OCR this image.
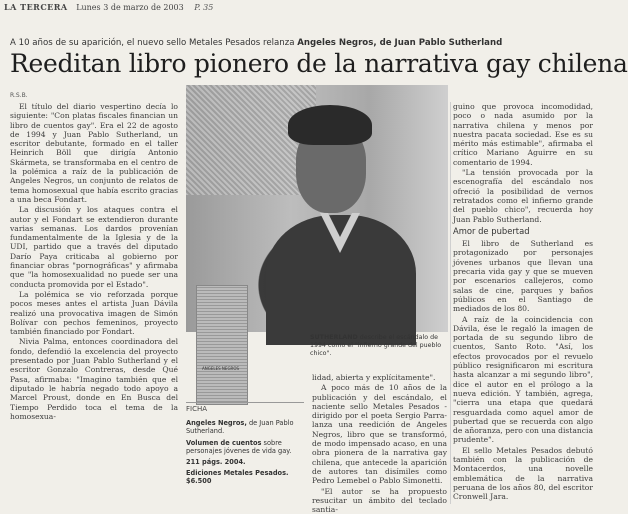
LA TERCERA Lunes 3 de marzo de 2003 P. 35
A 10 años de su aparición, el nuevo sello Metales Pesados relanza Angeles Negros, de Juan Pablo Sutherland
Reeditan libro pionero de la narrativa gay chilena
R.S.B.

El título del diario vespertino decía lo siguiente: "Con platas fiscales financian un libro de cuentos gay". Era el 22 de agosto de 1994 y Juan Pablo Sutherland, un escritor debutante, formado en el taller Heinrich Böll que dirigía Antonio Skármeta, se transformaba en el centro de la polémica a raíz de la publicación de Angeles Negros, un conjunto de relatos de tema homosexual que había escrito gracias a una beca Fondart.

La discusión y los ataques contra el autor y el Fondart se extendieron durante varias semanas. Los dardos provenían fundamentalmente de la Iglesia y de la UDI, partido que a través del diputado Darío Paya criticaba al gobierno por financiar obras "pornográficas" y afirmaba que "la homosexualidad no puede ser una conducta promovida por el Estado".

La polémica se vio reforzada porque pocos meses antes el artista Juan Dávila realizó una provocativa imagen de Simón Bolívar con pechos femeninos, proyecto también financiado por Fondart.

Nivia Palma, entonces coordinadora del fondo, defendió la excelencia del proyecto presentado por Juan Pablo Sutherland y el escritor Gonzalo Contreras, desde Qué Pasa, afirmaba: "Imagino también que el diputado le habría negado todo apoyo a Marcel Proust, donde en En Busca del Tiempo Perdido toca el tema de la homosexua-

ANGELES NEGROS
SUTHERLAND describe el escándalo de 1994 como el "infierno grande del pueblo chico".
FICHA
Angeles Negros, de Juan Pablo Sutherland.
Volumen de cuentos sobre personajes jóvenes de vida gay.
211 págs. 2004.
Ediciones Metales Pesados. $6.500

lidad, abierta y explícitamente".

A poco más de 10 años de la publicación y del escándalo, el naciente sello Metales Pesados -dirigido por el poeta Sergio Parra- lanza una reedición de Angeles Negros, libro que se transformó, de modo impensado acaso, en una obra pionera de la narrativa gay chilena, que antecede la aparición de autores tan disímiles como Pedro Lemebel o Pablo Simonetti.

"El autor se ha propuesto resucitar un ámbito del teclado santia-

guino que provoca incomodidad, poco o nada asumido por la narrativa chilena y menos por nuestra pacata sociedad. Ese es su mérito más estimable", afirmaba el crítico Mariano Aguirre en su comentario de 1994.

"La tensión provocada por la escenografía del escándalo nos ofreció la posibilidad de vernos retratados como el infierno grande del pueblo chico", recuerda hoy Juan Pablo Sutherland.

Amor de pubertad

El libro de Sutherland es protagonizado por personajes jóvenes urbanos que llevan una precaria vida gay y que se mueven por escenarios callejeros, como salas de cine, parques y baños públicos en el Santiago de mediados de los 80.

A raíz de la coincidencia con Dávila, ése le regaló la imagen de portada de su segundo libro de cuentos, Santo Roto. "Así, los efectos provocados por el revuelo público resignificaron mi escritura hasta alcanzar a mi segundo libro", dice el autor en el prólogo a la nueva edición. Y también, agrega, "cierra una etapa que quedará resguardada como aquel amor de pubertad que se recuerda con algo de añoranza, pero con una distancia prudente".

El sello Metales Pesados debutó también con la publicación de Montacerdos, una novelle emblemática de la narrativa peruana de los años 80, del escritor Cronwell Jara.
